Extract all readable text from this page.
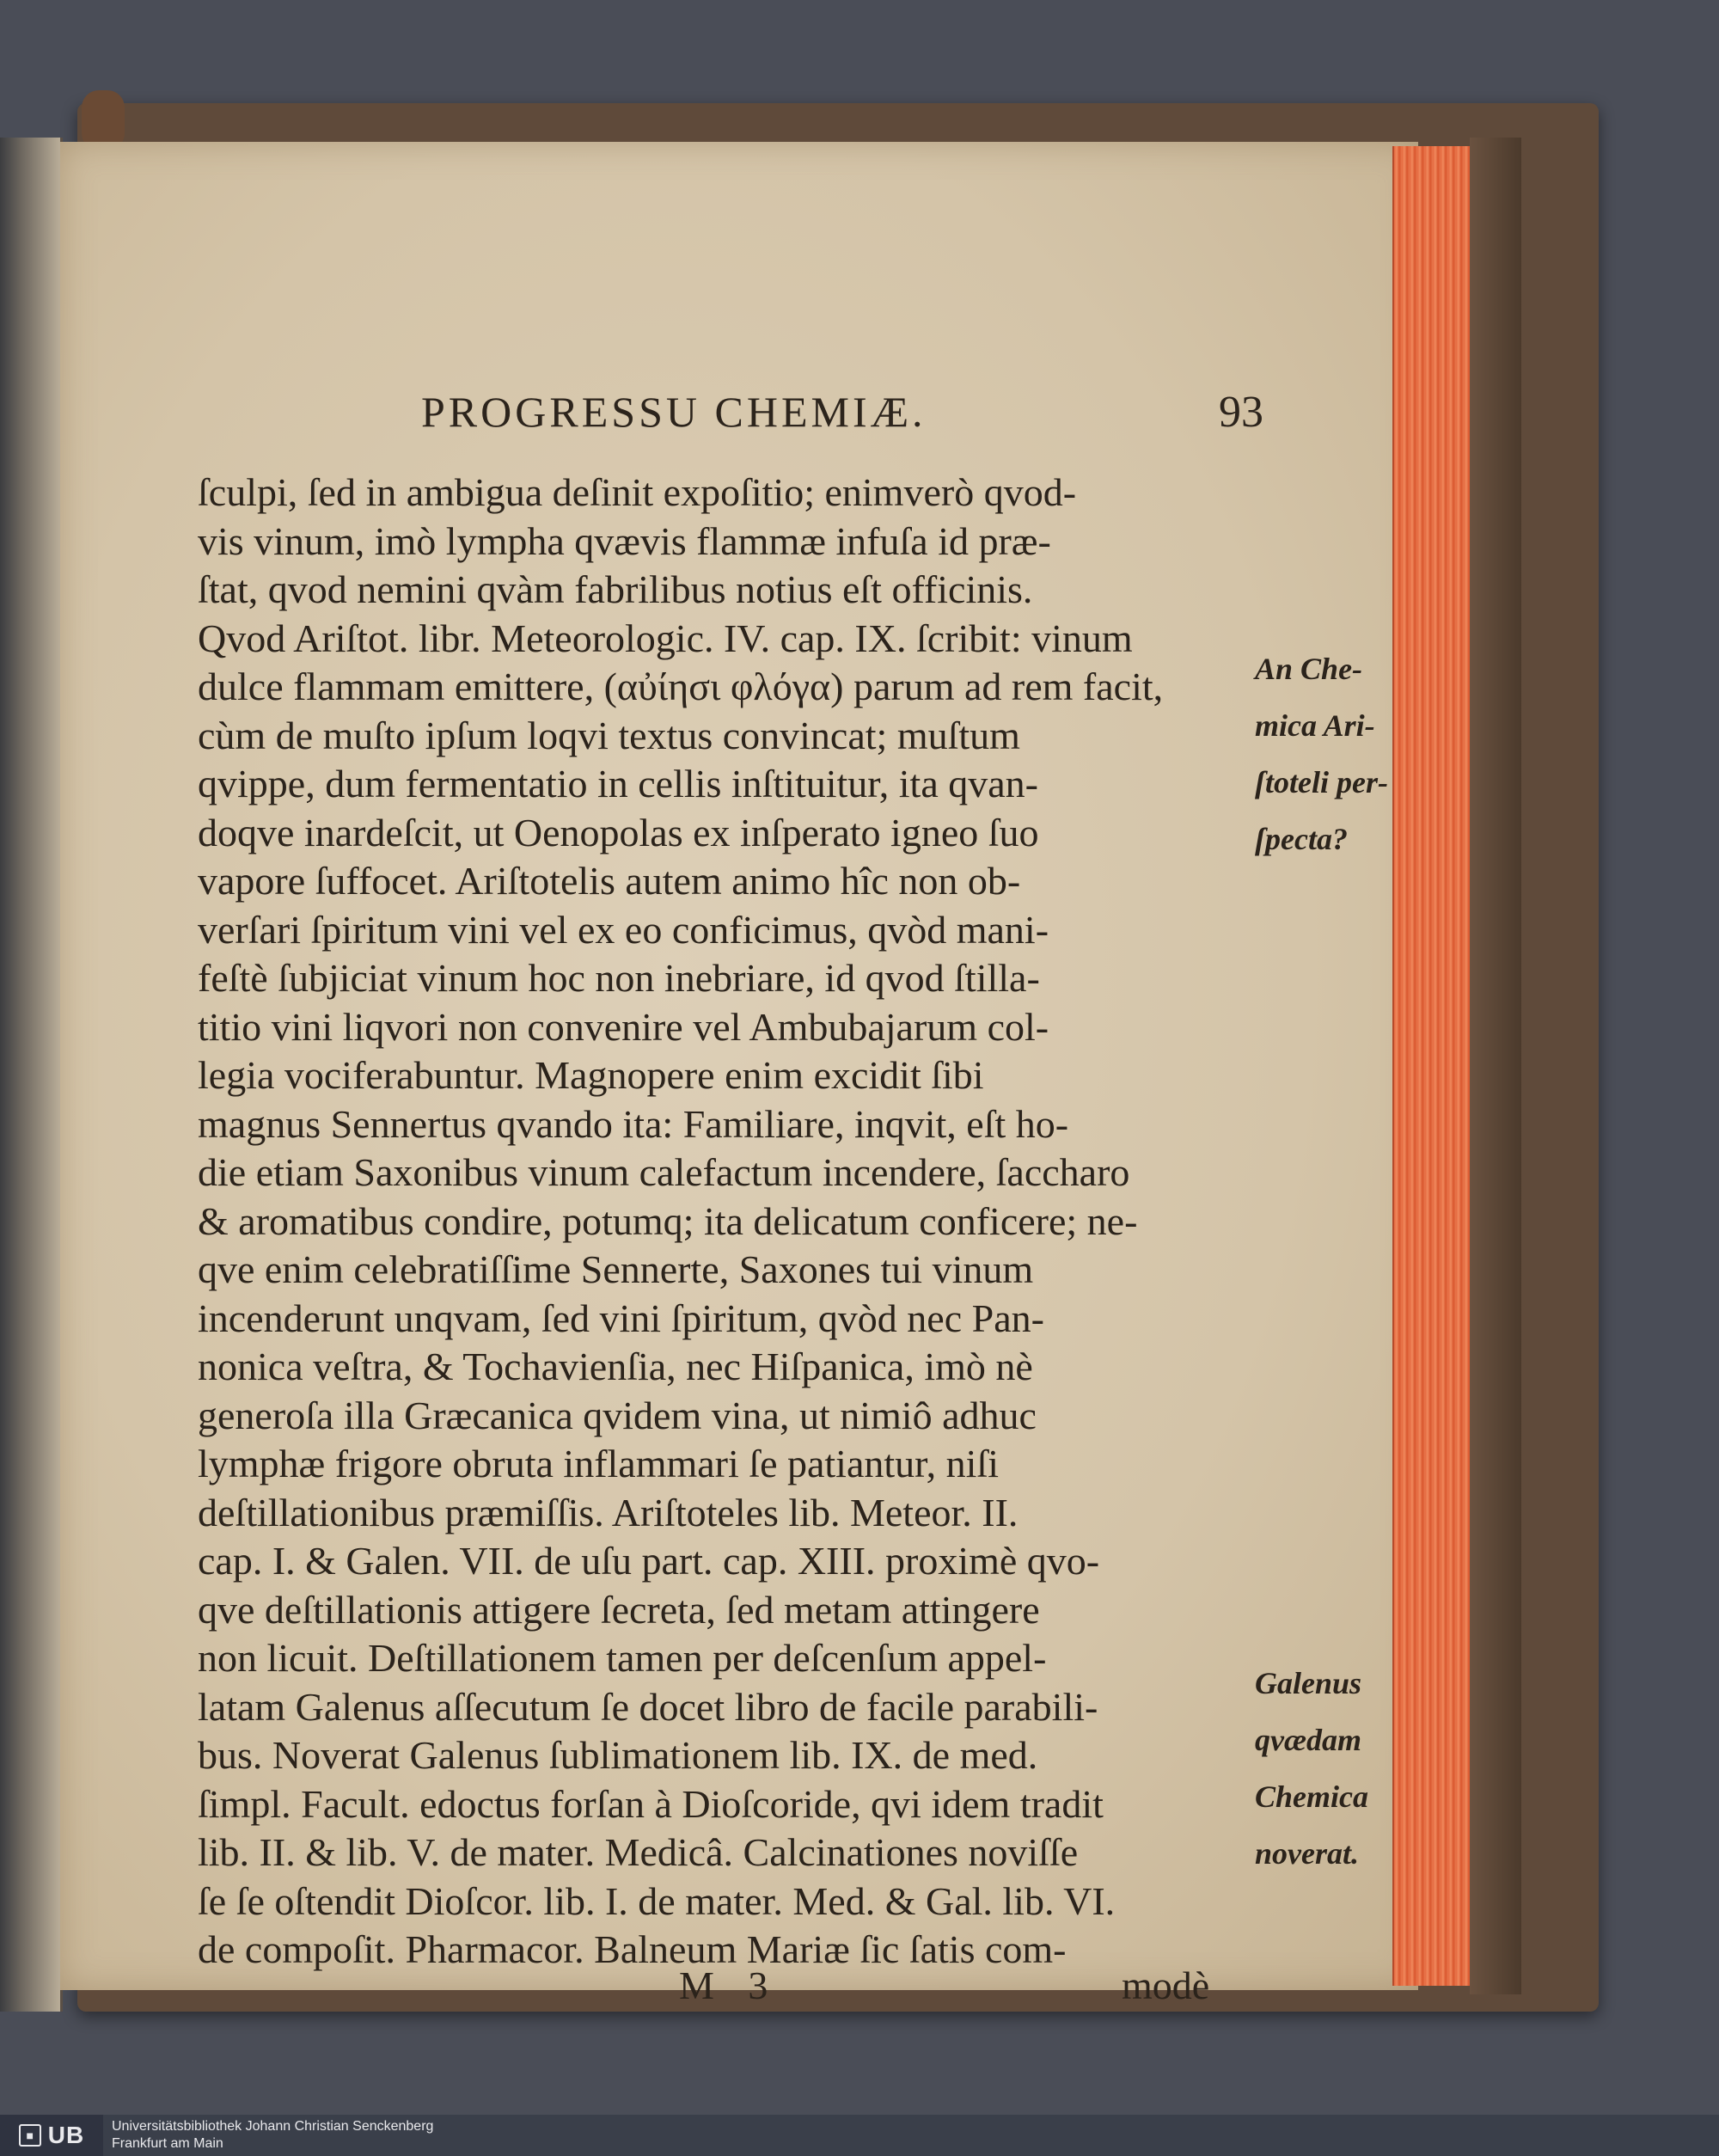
PROGRESSU CHEMIÆ.	93
ſculpi, ſed in ambigua deſinit expoſitio; enimverò qvod-
vis vinum, imò lympha qvævis flammæ infuſa id præ-
ſtat, qvod nemini qvàm fabrilibus notius eſt officinis.
Qvod Ariſtot. libr. Meteorologic. IV. cap. IX. ſcribit: vinum
dulce flammam emittere, (αὐίησι φλόγα) parum ad rem facit,
cùm de muſto ipſum loqvi textus convincat; muſtum
qvippe, dum fermentatio in cellis inſtituitur, ita qvan-
doqve inardeſcit, ut Oenopolas ex inſperato igneo ſuo
vapore ſuffocet. Ariſtotelis autem animo hîc non ob-
verſari ſpiritum vini vel ex eo conficimus, qvòd mani-
feſtè ſubjiciat vinum hoc non inebriare, id qvod ſtilla-
titio vini liqvori non convenire vel Ambubajarum col-
legia vociferabuntur. Magnopere enim excidit ſibi
magnus Sennertus qvando ita: Familiare, inqvit, eſt ho-
die etiam Saxonibus vinum calefactum incendere, ſaccharo
& aromatibus condire, potumq; ita delicatum conficere; ne-
qve enim celebratiſſime Sennerte, Saxones tui vinum
incenderunt unqvam, ſed vini ſpiritum, qvòd nec Pan-
nonica veſtra, & Tochavienſia, nec Hiſpanica, imò nè
generoſa illa Græcanica qvidem vina, ut nimiô adhuc
lymphæ frigore obruta inflammari ſe patiantur, niſi
deſtillationibus præmiſſis. Ariſtoteles lib. Meteor. II.
cap. I. & Galen. VII. de uſu part. cap. XIII. proximè qvo-
qve deſtillationis attigere ſecreta, ſed metam attingere
non licuit. Deſtillationem tamen per deſcenſum appel-
latam Galenus aſſecutum ſe docet libro de facile parabili-
bus. Noverat Galenus ſublimationem lib. IX. de med.
ſimpl. Facult. edoctus forſan à Dioſcoride, qvi idem tradit
lib. II. & lib. V. de mater. Medicâ. Calcinationes noviſſe
ſe ſe oſtendit Dioſcor. lib. I. de mater. Med. & Gal. lib. VI.
de compoſit. Pharmacor. Balneum Mariæ ſic ſatis com-
An Che-
mica Ari-
ſtoteli per-
ſpecta?
Galenus
qvædam
Chemica
noverat.
M 3	modè
■ UB Universitätsbibliothek Johann Christian Senckenberg
Frankfurt am Main
